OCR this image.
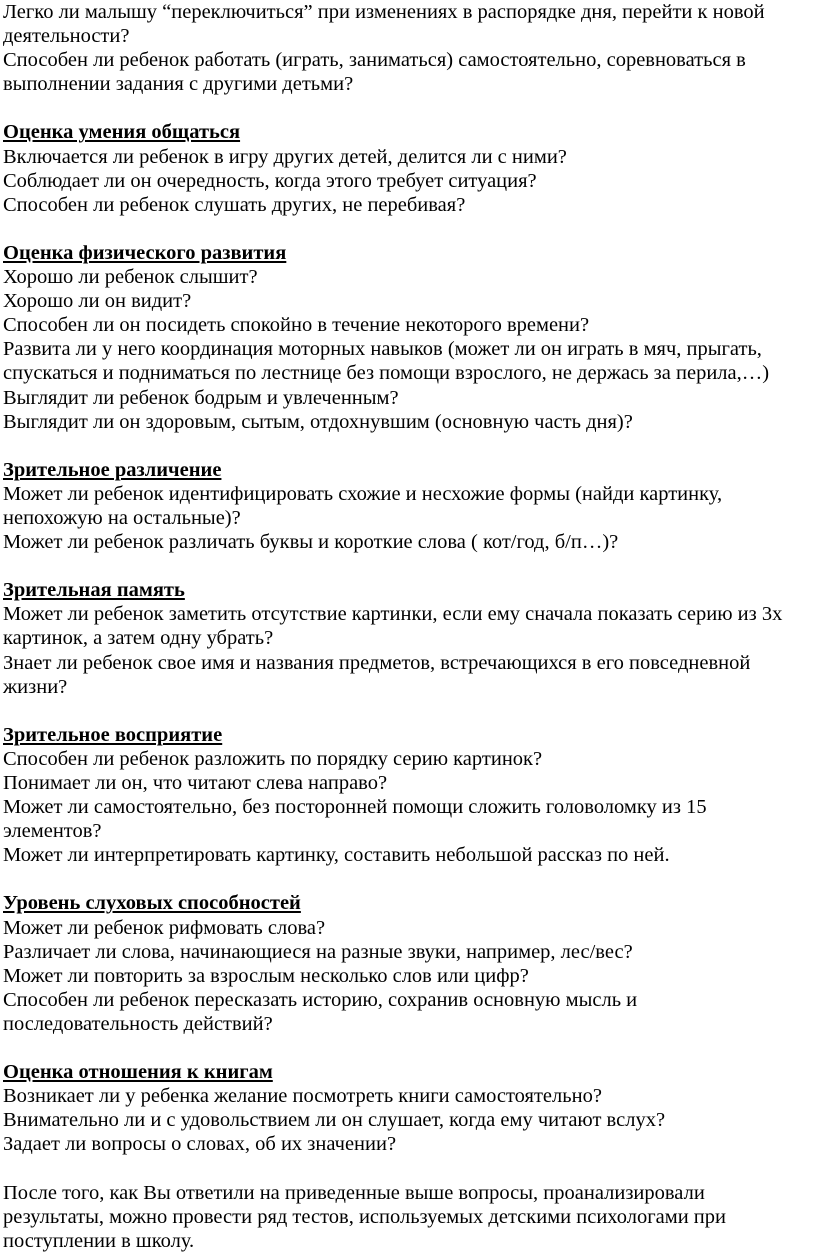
Легко ли малышу “переключиться” при изменениях в распорядке дня, перейти к новой
деятельности?
Способен ли ребенок работать (играть, заниматься) самостоятельно, соревноваться в
выполнении задания с другими детьми?
Оценка умения общаться
Включается ли ребенок в игру других детей, делится ли с ними?
Соблюдает ли он очередность, когда этого требует ситуация?
Способен ли ребенок слушать других, не перебивая?
Оценка физического развития
Хорошо ли ребенок слышит?
Хорошо ли он видит?
Способен ли он посидеть спокойно в течение некоторого времени?
Развита ли у него координация моторных навыков (может ли он играть в мяч, прыгать,
спускаться и подниматься по лестнице без помощи взрослого, не держась за перила,…)
Выглядит ли ребенок бодрым и увлеченным?
Выглядит ли он здоровым, сытым, отдохнувшим (основную часть дня)?
Зрительное различение
Может ли ребенок идентифицировать схожие и несхожие формы (найди картинку,
непохожую на остальные)?
Может ли ребенок различать буквы и короткие слова ( кот/год, б/п…)?
Зрительная память
Может ли ребенок заметить отсутствие картинки, если ему сначала показать серию из 3х
картинок, а затем одну убрать?
Знает ли ребенок свое имя и названия предметов, встречающихся в его повседневной
жизни?
Зрительное восприятие
Способен ли ребенок разложить по порядку серию картинок?
Понимает ли он, что читают слева направо?
Может ли самостоятельно, без посторонней помощи сложить головоломку из 15
элементов?
Может ли интерпретировать картинку, составить небольшой рассказ по ней.
Уровень слуховых способностей
Может ли ребенок рифмовать слова?
Различает ли слова, начинающиеся на разные звуки, например, лес/вес?
Может ли повторить за взрослым несколько слов или цифр?
Способен ли ребенок пересказать историю, сохранив основную мысль и
последовательность действий?
Оценка отношения к книгам
Возникает ли у ребенка желание посмотреть книги самостоятельно?
Внимательно ли и с удовольствием ли он слушает, когда ему читают вслух?
Задает ли вопросы о словах, об их значении?
После того, как Вы ответили на приведенные выше вопросы, проанализировали
результаты, можно провести ряд тестов, используемых детскими психологами при
поступлении в школу.
